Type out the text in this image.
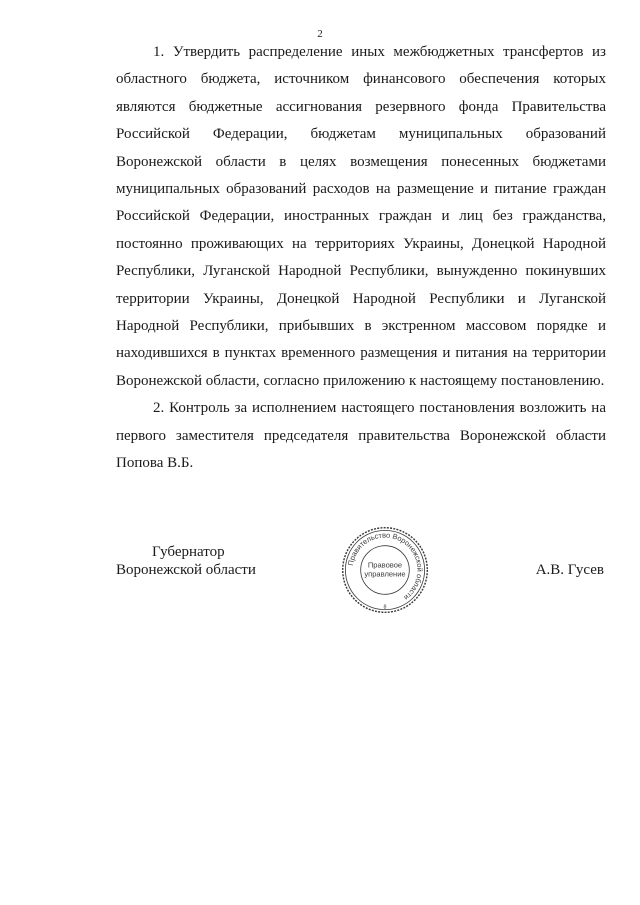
2

1. Утвердить распределение иных межбюджетных трансфертов из областного бюджета, источником финансового обеспечения которых являются бюджетные ассигнования резервного фонда Правительства Российской Федерации, бюджетам муниципальных образований Воронежской области в целях возмещения понесенных бюджетами муниципальных образований расходов на размещение и питание граждан Российской Федерации, иностранных граждан и лиц без гражданства, постоянно проживающих на территориях Украины, Донецкой Народной Республики, Луганской Народной Республики, вынужденно покинувших территории Украины, Донецкой Народной Республики и Луганской Народной Республики, прибывших в экстренном массовом порядке и находившихся в пунктах временного размещения и питания на территории Воронежской области, согласно приложению к настоящему постановлению.

2. Контроль за исполнением настоящего постановления возложить на первого заместителя председателя правительства Воронежской области Попова В.Б.

Губернатор
Воронежской области	Правительство Воронежской области
Правовое
управление
8
А.В. Гусев
